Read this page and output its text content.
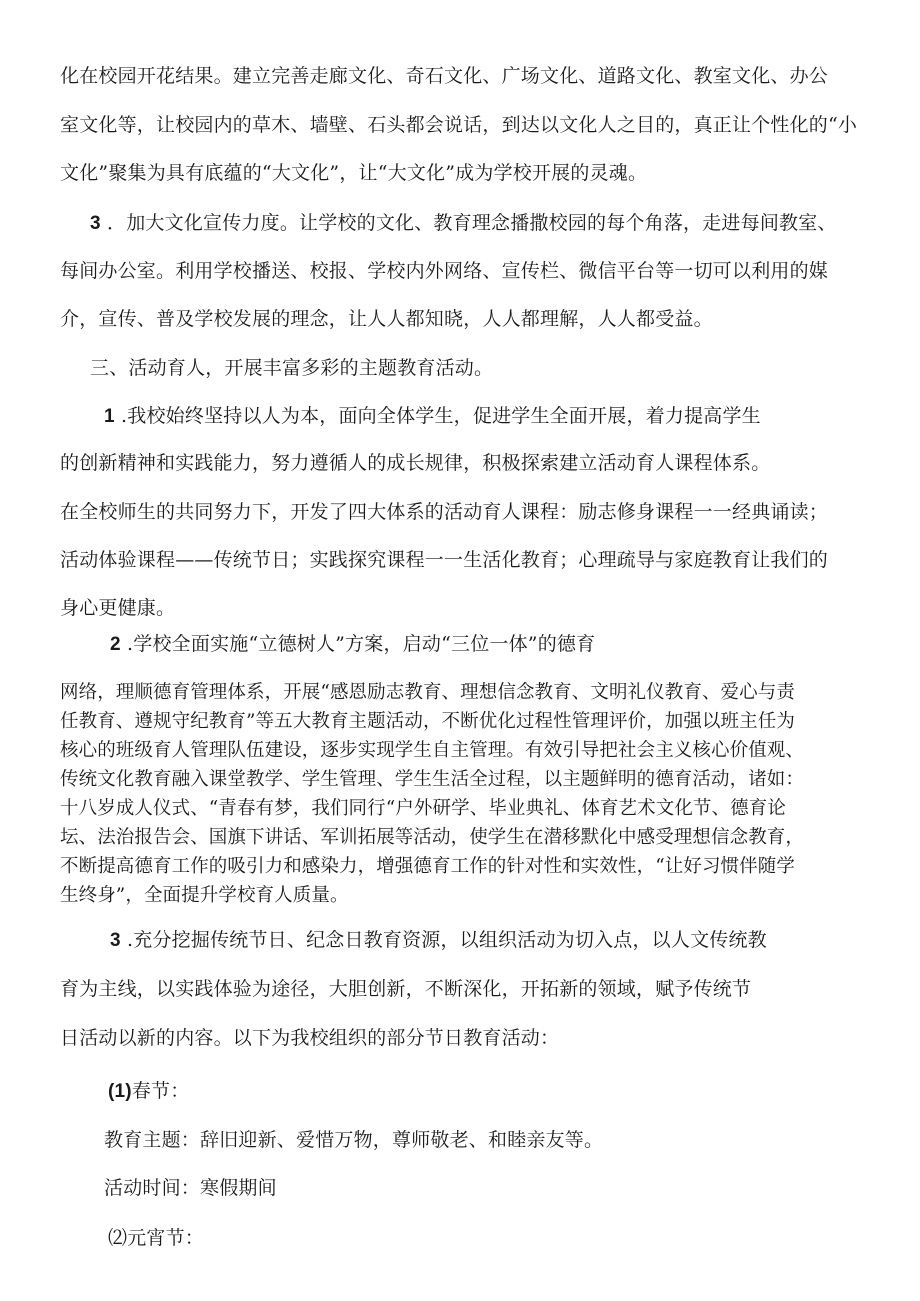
化在校园开花结果。建立完善走廊文化、奇石文化、广场文化、道路文化、教室文化、办公
室文化等，让校园内的草木、墙壁、石头都会说话，到达以文化人之目的，真正让个性化的“小
文化”聚集为具有底蕴的“大文化”，让“大文化”成为学校开展的灵魂。
3 ．加大文化宣传力度。让学校的文化、教育理念播撒校园的每个角落，走进每间教室、
每间办公室。利用学校播送、校报、学校内外网络、宣传栏、微信平台等一切可以利用的媒
介，宣传、普及学校发展的理念，让人人都知晓，人人都理解，人人都受益。
三、活动育人，开展丰富多彩的主题教育活动。
1 .我校始终坚持以人为本，面向全体学生，促进学生全面开展，着力提高学生
的创新精神和实践能力，努力遵循人的成长规律，积极探索建立活动育人课程体系。
在全校师生的共同努力下，开发了四大体系的活动育人课程：励志修身课程一一经典诵读；
活动体验课程——传统节日；实践探究课程一一生活化教育；心理疏导与家庭教育让我们的
身心更健康。
2 .学校全面实施“立德树人”方案，启动“三位一体”的德育
网络，理顺德育管理体系，开展“感恩励志教育、理想信念教育、文明礼仪教育、爱心与责
任教育、遵规守纪教育”等五大教育主题活动，不断优化过程性管理评价，加强以班主任为
核心的班级育人管理队伍建设，逐步实现学生自主管理。有效引导把社会主义核心价值观、
传统文化教育融入课堂教学、学生管理、学生生活全过程，以主题鲜明的德育活动，诸如：
十八岁成人仪式、“青春有梦，我们同行“户外研学、毕业典礼、体育艺术文化节、德育论
坛、法治报告会、国旗下讲话、军训拓展等活动，使学生在潜移默化中感受理想信念教育，
不断提高德育工作的吸引力和感染力，增强德育工作的针对性和实效性，“让好习惯伴随学
生终身”，全面提升学校育人质量。
3 .充分挖掘传统节日、纪念日教育资源，以组织活动为切入点，以人文传统教
育为主线，以实践体验为途径，大胆创新，不断深化，开拓新的领域，赋予传统节
日活动以新的内容。以下为我校组织的部分节日教育活动：
(1)春节：
教育主题：辞旧迎新、爱惜万物，尊师敬老、和睦亲友等。
活动时间：寒假期间
⑵元宵节：
